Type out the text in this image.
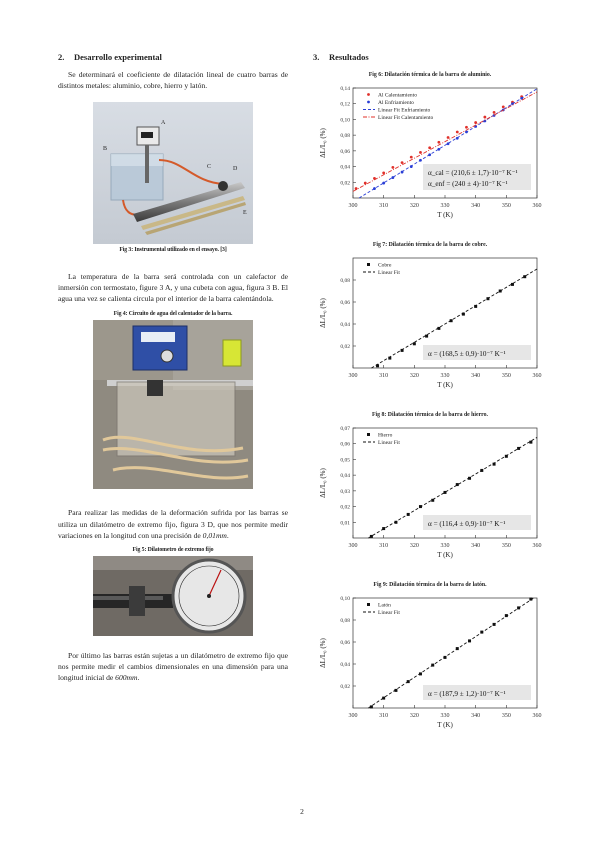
2. Desarrollo experimental

Se determinará el coeficiente de dilatación lineal de cuatro barras de distintos metales: aluminio, cobre, hierro y latón.

A
B
C	D
E
Fig 3: Instrumental utilizado en el ensayo. [3]

La temperatura de la barra será controlada con un calefactor de inmersión con termostato, figure 3 A, y una cubeta con agua, figura 3 B. El agua una vez se calienta circula por el interior de la barra calentándola.

Fig 4: Circuito de agua del calentador de la barra.

Para realizar las medidas de la deformación sufrida por las barras se utiliza un dilatómetro de extremo fijo, figura 3 D, que nos permite medir variaciones en la longitud con una precisión de 0,01mm.

Fig 5: Dilatometro de extremo fijo

Por último las barras están sujetas a un dilatómetro de extremo fijo que nos permite medir el cambios dimensionales en una dimensión para una longitud inicial de 600mm.

3. Resultados
Fig 6: Dilatación térmica de la barra de aluminio.
300	310	320	330	340	350	360
0,02
0,04
0,06
0,08
0,10
0,12
0,14
T (K)
ΔL/L₀ (%)
Al Calentamiento
Al Enfriamiento
Linear Fit Enfriamiento
Linear Fit Calentamiento
α_cal = (210,6 ± 1,7)·10⁻⁷ K⁻¹
α_enf = (240 ± 4)·10⁻⁷ K⁻¹
Fig 7: Dilatación térmica de la barra de cobre.
300	310	320	330	340	350	360
0,02
0,04
0,06
0,08
T (K)
ΔL/L₀ (%)
Cobre
Linear Fit
α = (168,5 ± 0,9)·10⁻⁷ K⁻¹
Fig 8: Dilatación térmica de la barra de hierro.
300	310	320	330	340	350	360
0,01
0,02
0,03
0,04
0,05
0,06
0,07
T (K)
ΔL/L₀ (%)
Hierro
Linear Fit
α = (116,4 ± 0,9)·10⁻⁷ K⁻¹
Fig 9: Dilatación térmica de la barra de latón.
300	310	320	330	340	350	360
0,02
0,04
0,06
0,08
0,10
T (K)
ΔL/L₀ (%)
Latón
Linear Fit
α = (187,9 ± 1,2)·10⁻⁷ K⁻¹
2
